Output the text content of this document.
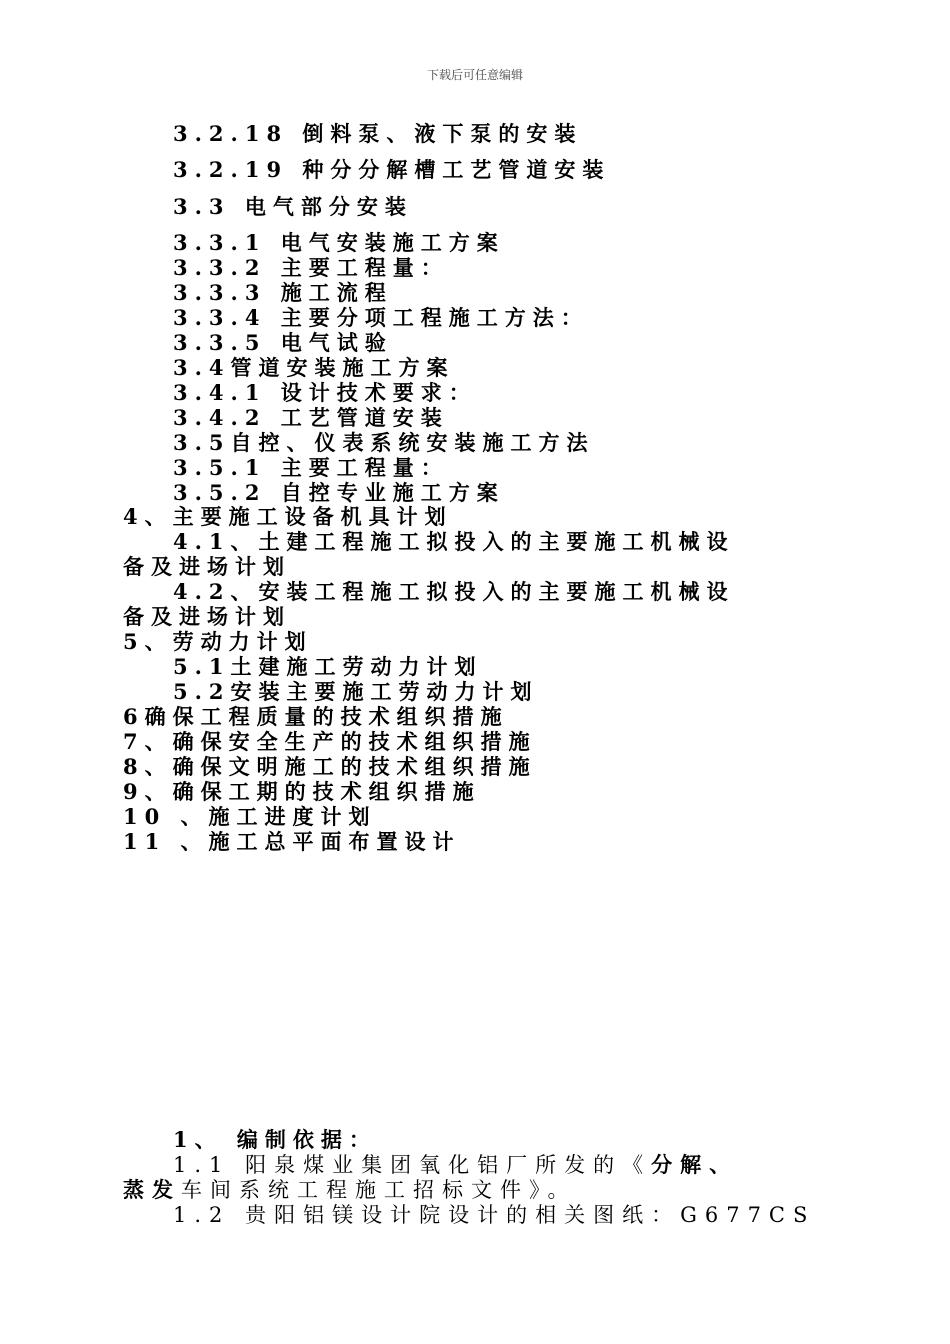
下载后可任意编辑
3.2.18 倒料泵、液下泵的安装
3.2.19 种分分解槽工艺管道安装
3.3 电气部分安装
3.3.1 电气安装施工方案
3.3.2 主要工程量：
3.3.3 施工流程
3.3.4 主要分项工程施工方法：
3.3.5 电气试验
3.4管道安装施工方案
3.4.1 设计技术要求：
3.4.2 工艺管道安装
3.5自控、仪表系统安装施工方法
3.5.1 主要工程量：
3.5.2 自控专业施工方案
4、主要施工设备机具计划
4.1、土建工程施工拟投入的主要施工机械设
备及进场计划
4.2、安装工程施工拟投入的主要施工机械设
备及进场计划
5、劳动力计划
5.1土建施工劳动力计划
5.2安装主要施工劳动力计划
6确保工程质量的技术组织措施
7、确保安全生产的技术组织措施
8、确保文明施工的技术组织措施
9、确保工期的技术组织措施
10 、施工进度计划
11 、施工总平面布置设计
1、 编制依据：
1.1 阳泉煤业集团氧化铝厂所发的《分解、
蒸发车间系统工程施工招标文件》。
1.2 贵阳铝镁设计院设计的相关图纸：G677CS
